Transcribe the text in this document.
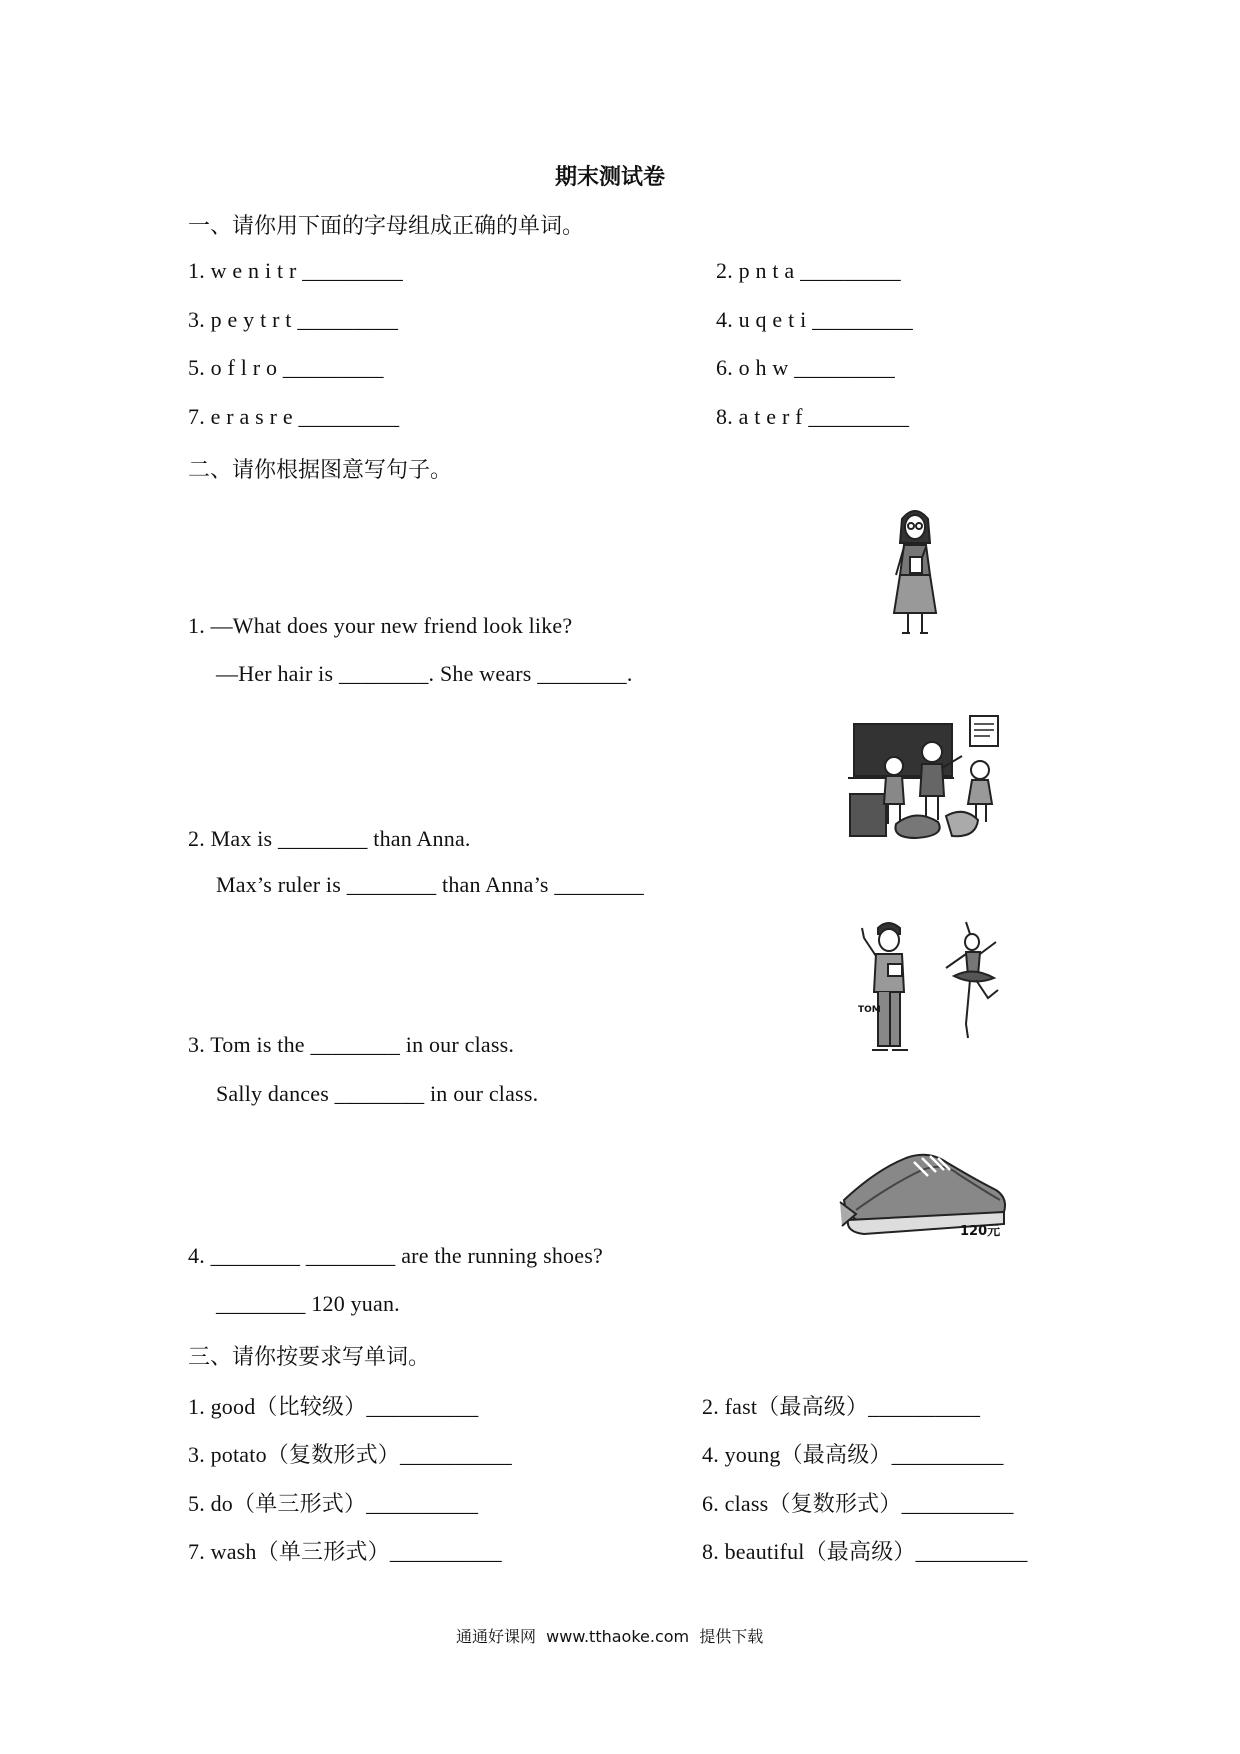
期末测试卷
一、请你用下面的字母组成正确的单词。
1. w e n i t r _________	2. p n t a _________
3. p e y t r t _________	4. u q e t i _________
5. o f l r o _________	6. o h w _________
7. e r a s r e _________	8. a t e r f _________
二、请你根据图意写句子。
1. —What does your new friend look like?
—Her hair is ________. She wears ________.
2. Max is ________ than Anna.
Max’s ruler is ________ than Anna’s ________
TOM
3. Tom is the ________ in our class.
Sally dances ________ in our class.
120元
4. ________ ________ are the running shoes?
________ 120 yuan.
三、请你按要求写单词。
1. good（比较级）__________	2. fast（最高级）__________
3. potato（复数形式）__________	4. young（最高级）__________
5. do（单三形式）__________	6. class（复数形式）__________
7. wash（单三形式）__________	8. beautiful（最高级）__________
通通好课网  www.tthaoke.com  提供下载
